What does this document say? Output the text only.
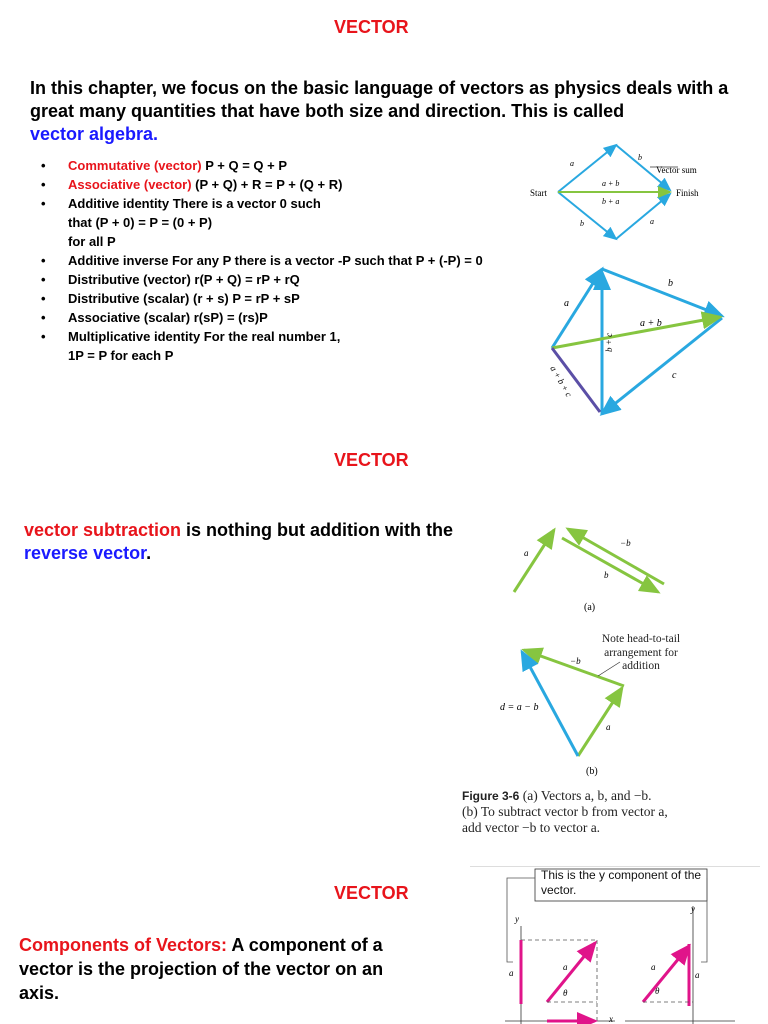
VECTOR
In this chapter, we focus on the basic language of vectors as physics deals with a great many quantities that have both size and direction. This is called
vector algebra.
• Commutative (vector) P + Q = Q + P
• Associative (vector) (P + Q) + R = P + (Q + R)
• Additive identity There is a vector 0 such
that (P + 0) = P = (0 + P)
for all P
• Additive inverse For any P there is a vector -P such that P + (-P) = 0
• Distributive (vector) r(P + Q) = rP + rQ
• Distributive (scalar) (r + s) P = rP + sP
• Associative (scalar) r(sP) = (rs)P
• Multiplicative identity For the real number 1,
1P = P for each P
Start	Finish
Vector sum
a
b
a + b
b + a
b	a
a
b
a + b
c
b + c
a + b + c
VECTOR
vector subtraction is nothing but addition with the reverse vector.	a
−b
b
(a)
d = a − b
−b
a
(b)
Note head-to-tail arrangement for addition
Figure 3-6 (a) Vectors a, b, and −b.
(b) To subtract vector b from vector a,
add vector −b to vector a.
VECTOR
Components of Vectors: A component of a vector is the projection of the vector on an axis.
y
y
x
a	a
a	a
θ	θ
This is the y component of the vector.
